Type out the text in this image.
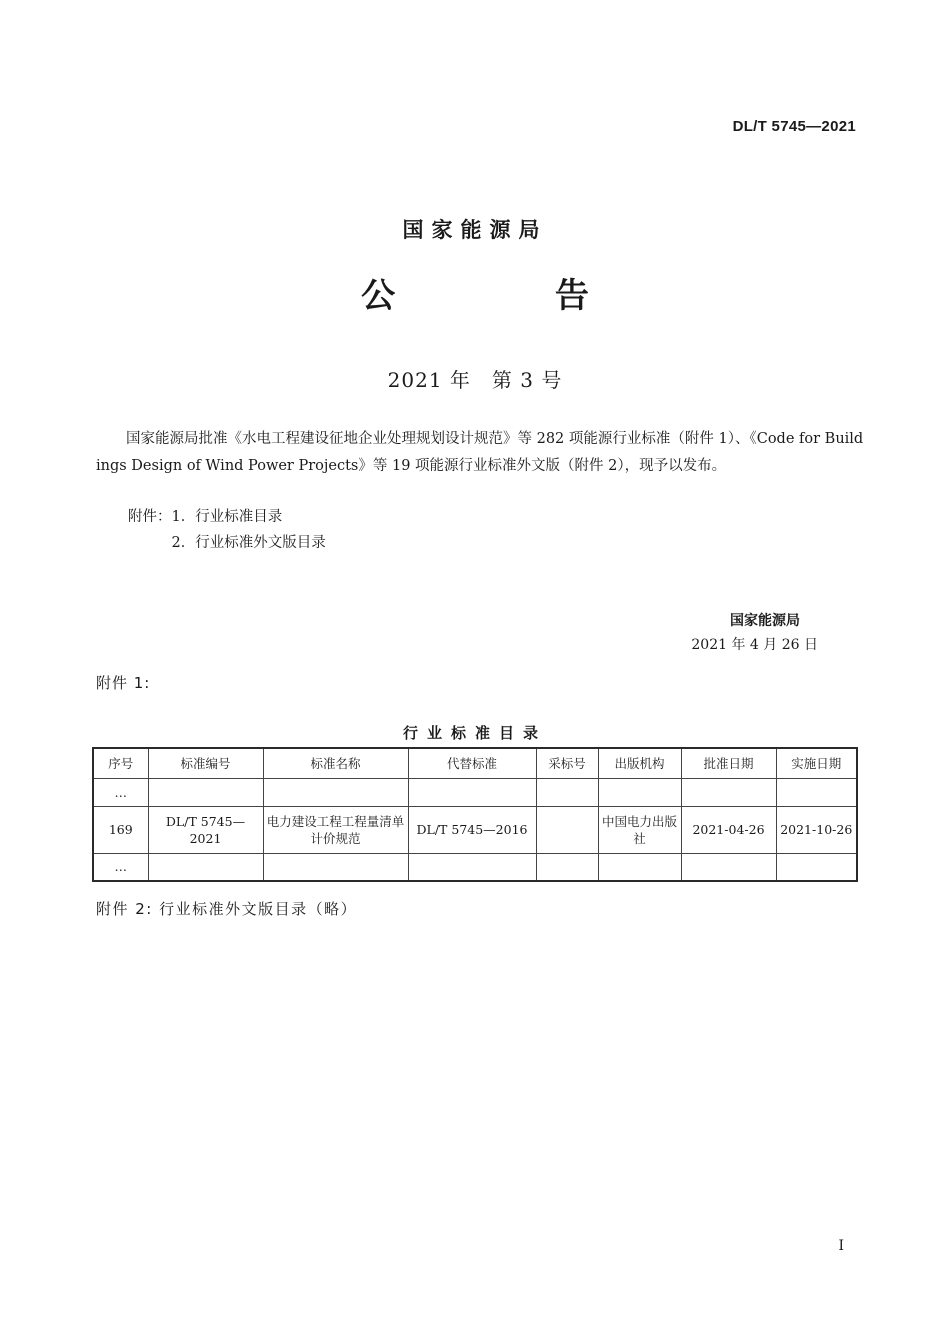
DL/T 5745—2021
国家能源局
公 告
2021 年　第 3 号
国家能源局批准《水电工程建设征地企业处理规划设计规范》等 282 项能源行业标准（附件 1）、《Code for Buildings Design of Wind Power Projects》等 19 项能源行业标准外文版（附件 2），现予以发布。
附件：1．行业标准目录
　　　2．行业标准外文版目录
国家能源局
2021 年 4 月 26 日
附件 1:
行业标准目录
序号	标准编号	标准名称	代替标准	采标号	出版机构	批准日期	实施日期
…							
169	DL/T 5745—2021	电力建设工程工程量清单计价规范	DL/T 5745—2016		中国电力出版社	2021-04-26	2021-10-26
…							
附件 2: 行业标准外文版目录（略）
I
